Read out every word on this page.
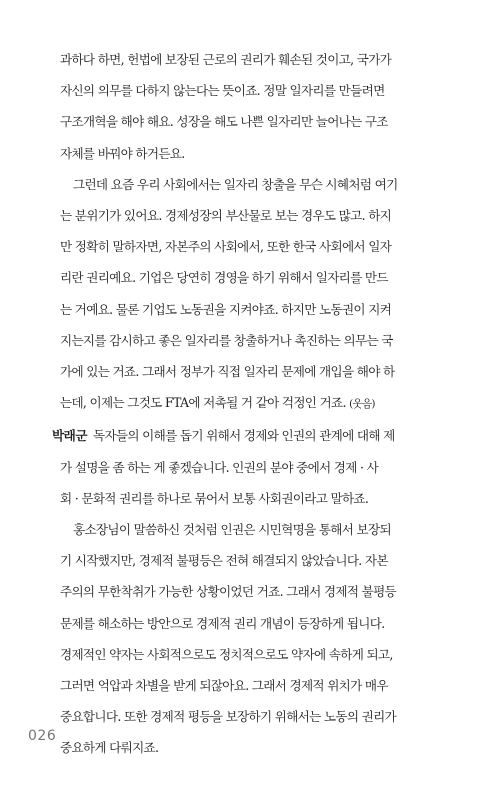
과하다 하면, 헌법에 보장된 근로의 권리가 훼손된 것이고, 국가가
자신의 의무를 다하지 않는다는 뜻이죠. 정말 일자리를 만들려면
구조개혁을 해야 해요. 성장을 해도 나쁜 일자리만 늘어나는 구조
자체를 바꿔야 하거든요.
그런데 요즘 우리 사회에서는 일자리 창출을 무슨 시혜처럼 여기
는 분위기가 있어요. 경제성장의 부산물로 보는 경우도 많고. 하지
만 정확히 말하자면, 자본주의 사회에서, 또한 한국 사회에서 일자
리란 권리예요. 기업은 당연히 경영을 하기 위해서 일자리를 만드
는 거예요. 물론 기업도 노동권을 지켜야죠. 하지만 노동권이 지켜
지는지를 감시하고 좋은 일자리를 창출하거나 촉진하는 의무는 국
가에 있는 거죠. 그래서 정부가 직접 일자리 문제에 개입을 해야 하
는데, 이제는 그것도 FTA에 저촉될 거 같아 걱정인 거죠. (웃음)
박래군 독자들의 이해를 돕기 위해서 경제와 인권의 관계에 대해 제
가 설명을 좀 하는 게 좋겠습니다. 인권의 분야 중에서 경제 · 사
회 · 문화적 권리를 하나로 묶어서 보통 사회권이라고 말하죠.
홍소장님이 말씀하신 것처럼 인권은 시민혁명을 통해서 보장되
기 시작했지만, 경제적 불평등은 전혀 해결되지 않았습니다. 자본
주의의 무한착취가 가능한 상황이었던 거죠. 그래서 경제적 불평등
문제를 해소하는 방안으로 경제적 권리 개념이 등장하게 됩니다.
경제적인 약자는 사회적으로도 정치적으로도 약자에 속하게 되고,
그러면 억압과 차별을 받게 되잖아요. 그래서 경제적 위치가 매우
중요합니다. 또한 경제적 평등을 보장하기 위해서는 노동의 권리가
중요하게 다뤄지죠.
026
